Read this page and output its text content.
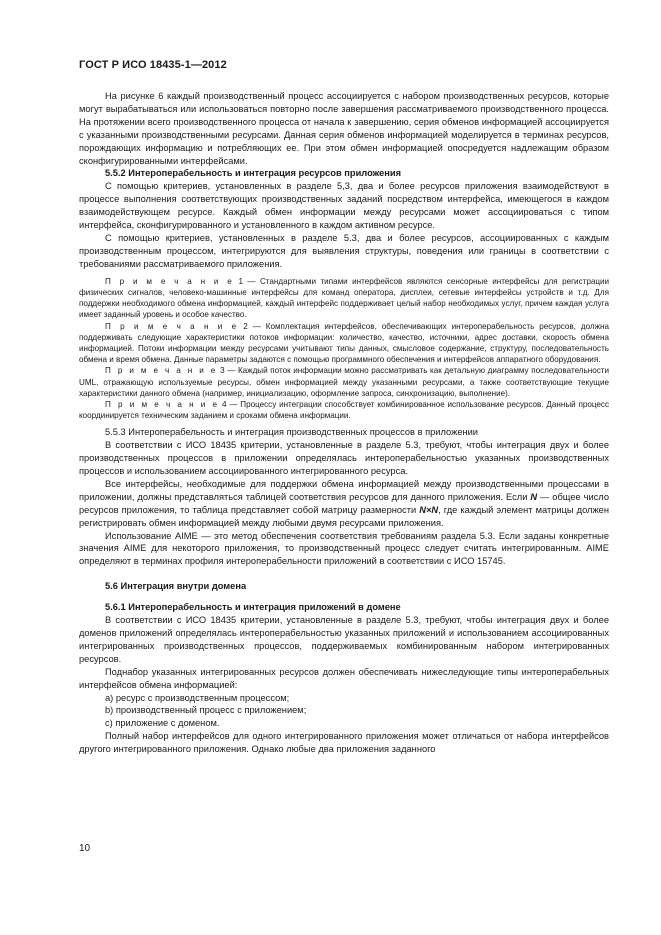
ГОСТ Р ИСО 18435-1—2012

На рисунке 6 каждый производственный процесс ассоциируется с набором производственных ресурсов, которые могут вырабатываться или использоваться повторно после завершения рассматриваемого производственного процесса. На протяжении всего производственного процесса от начала к завершению, серия обменов информацией ассоциируется с указанными производственными ресурсами. Данная серия обменов информацией моделируется в терминах ресурсов, порождающих информацию и потребляющих ее. При этом обмен информацией опосредуется надлежащим образом сконфигурированными интерфейсами.

5.5.2 Интероперабельность и интеграция ресурсов приложения

С помощью критериев, установленных в разделе 5,3, два и более ресурсов приложения взаимодействуют в процессе выполнения соответствующих производственных заданий посредством интерфейса, имеющегося в каждом взаимодействующем ресурсе. Каждый обмен информации между ресурсами может ассоциироваться с типом интерфейса, сконфигурированного и установленного в каждом активном ресурсе.

С помощью критериев, установленных в разделе 5.3, два и более ресурсов, ассоциированных с каждым производственным процессом, интегрируются для выявления структуры, поведения или границы в соответствии с требованиями рассматриваемого приложения.

П р и м е ч а н и е 1 — Стандартными типами интерфейсов являются сенсорные интерфейсы для регистрации физических сигналов, человеко-машинные интерфейсы для команд оператора, дисплеи, сетевые интерфейсы устройств и т.д. Для поддержки необходимого обмена информацией, каждый интерфейс поддерживает целый набор необходимых услуг, причем каждая услуга имеет заданный уровень и особое качество.

П р и м е ч а н и е 2 — Комплектация интерфейсов, обеспечивающих интероперабельность ресурсов, должна поддерживать следующие характеристики потоков информации: количество, качество, источники, адрес доставки, скорость обмена информацией. Потоки информации между ресурсами учитывают типы данных, смысловое содержание, структуру, последовательность обмена и время обмена. Данные параметры задаются с помощью программного обеспечения и интерфейсов аппаратного оборудования.

П р и м е ч а н и е 3 — Каждый поток информации можно рассматривать как детальную диаграмму последовательности UML, отражающую используемые ресурсы, обмен информацией между указанными ресурсами, а также соответствующие текущие характеристики данного обмена (например, инициализацию, оформление запроса, синхронизацию, выполнение).

П р и м е ч а н и е 4 — Процессу интеграции способствует комбинированное использование ресурсов. Данный процесс координируется техническим заданием и сроками обмена информации.

5.5.3 Интероперабельность и интеграция производственных процессов в приложении

В соответствии с ИСО 18435 критерии, установленные в разделе 5.3, требуют, чтобы интеграция двух и более производственных процессов в приложении определялась интероперабельностью указанных производственных процессов и использованием ассоциированного интегрированного ресурса.

Все интерфейсы, необходимые для поддержки обмена информацией между производственными процессами в приложении, должны представляться таблицей соответствия ресурсов для данного приложения. Если N — общее число ресурсов приложения, то таблица представляет собой матрицу размерности N×N, где каждый элемент матрицы должен регистрировать обмен информацией между любыми двумя ресурсами приложения.

Использование AIME — это метод обеспечения соответствия требованиям раздела 5.3. Если заданы конкретные значения AIME для некоторого приложения, то производственный процесс следует считать интегрированным. AIME определяют в терминах профиля интероперабельности приложений в соответствии с ИСО 15745.

5.6 Интеграция внутри домена

5.6.1 Интероперабельность и интеграция приложений в домене

В соответствии с ИСО 18435 критерии, установленные в разделе 5.3, требуют, чтобы интеграция двух и более доменов приложений определялась интероперабельностью указанных приложений и использованием ассоциированных интегрированных производственных процессов, поддерживаемых комбинированным набором интегрированных ресурсов.

Поднабор указанных интегрированных ресурсов должен обеспечивать нижеследующие типы интероперабельных интерфейсов обмена информацией:

a) ресурс с производственным процессом;

b) производственный процесс с приложением;

c) приложение с доменом.

Полный набор интерфейсов для одного интегрированного приложения может отличаться от набора интерфейсов другого интегрированного приложения. Однако любые два приложения заданного

10
